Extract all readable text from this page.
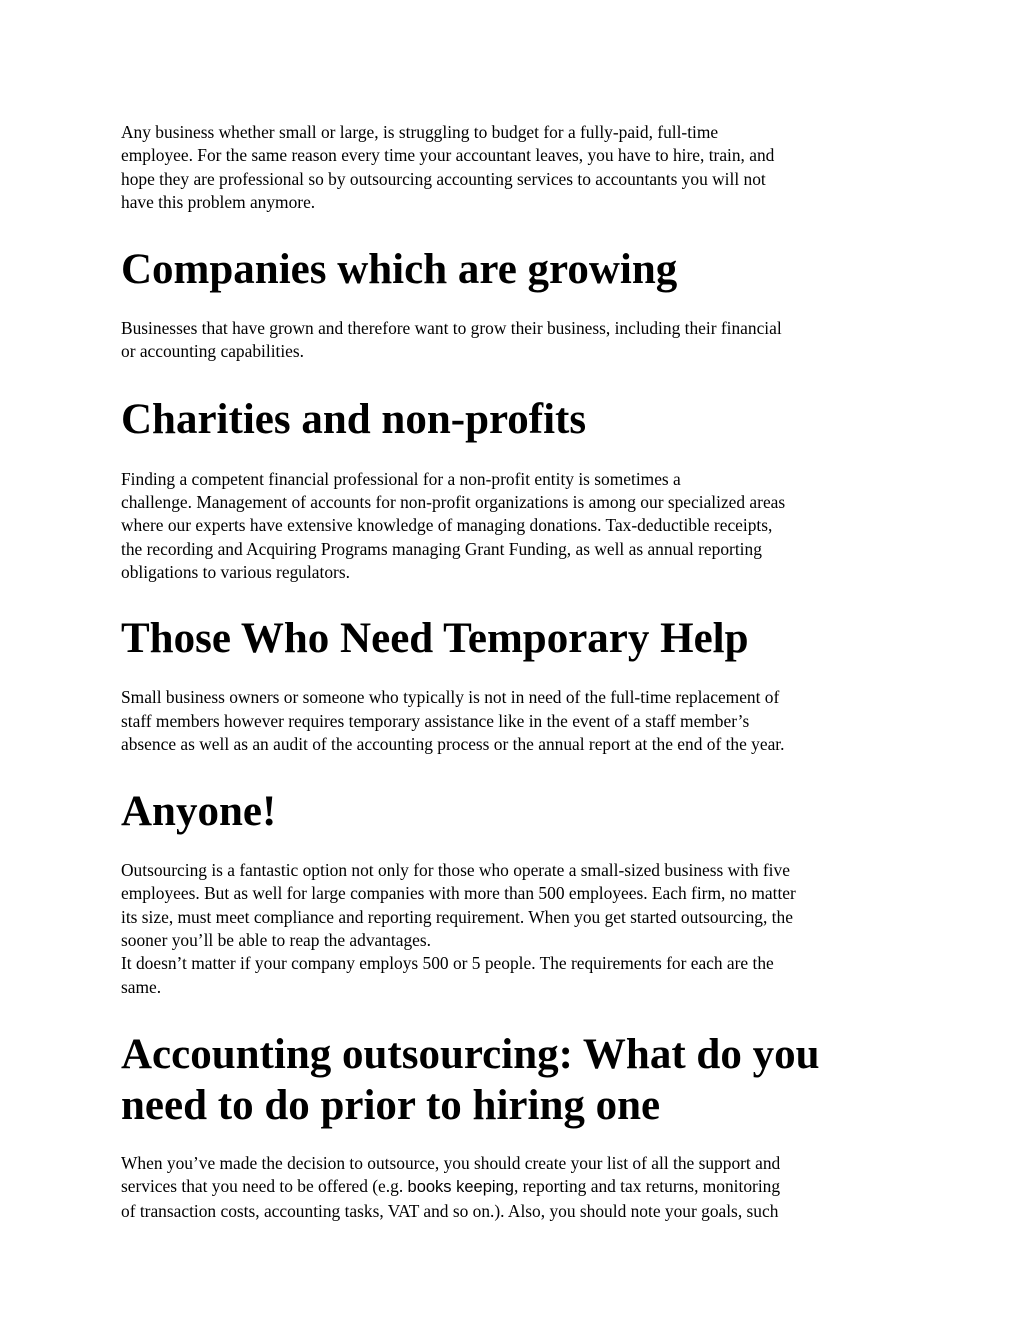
Any business whether small or large, is struggling to budget for a fully-paid, full-time
employee. For the same reason every time your accountant leaves, you have to hire, train, and
hope they are professional so by outsourcing accounting services to accountants you will not
have this problem anymore.

Companies which are growing

Businesses that have grown and therefore want to grow their business, including their financial
or accounting capabilities.

Charities and non-profits

Finding a competent financial professional for a non-profit entity is sometimes a
challenge. Management of accounts for non-profit organizations is among our specialized areas
where our experts have extensive knowledge of managing donations. Tax-deductible receipts,
the recording and Acquiring Programs managing Grant Funding, as well as annual reporting
obligations to various regulators.

Those Who Need Temporary Help

Small business owners or someone who typically is not in need of the full-time replacement of
staff members however requires temporary assistance like in the event of a staff member’s
absence as well as an audit of the accounting process or the annual report at the end of the year.

Anyone!

Outsourcing is a fantastic option not only for those who operate a small-sized business with five
employees. But as well for large companies with more than 500 employees. Each firm, no matter
its size, must meet compliance and reporting requirement. When you get started outsourcing, the
sooner you’ll be able to reap the advantages.
It doesn’t matter if your company employs 500 or 5 people. The requirements for each are the
same.

Accounting outsourcing: What do you
need to do prior to hiring one

When you’ve made the decision to outsource, you should create your list of all the support and
services that you need to be offered (e.g. books keeping, reporting and tax returns, monitoring
of transaction costs, accounting tasks, VAT and so on.). Also, you should note your goals, such
